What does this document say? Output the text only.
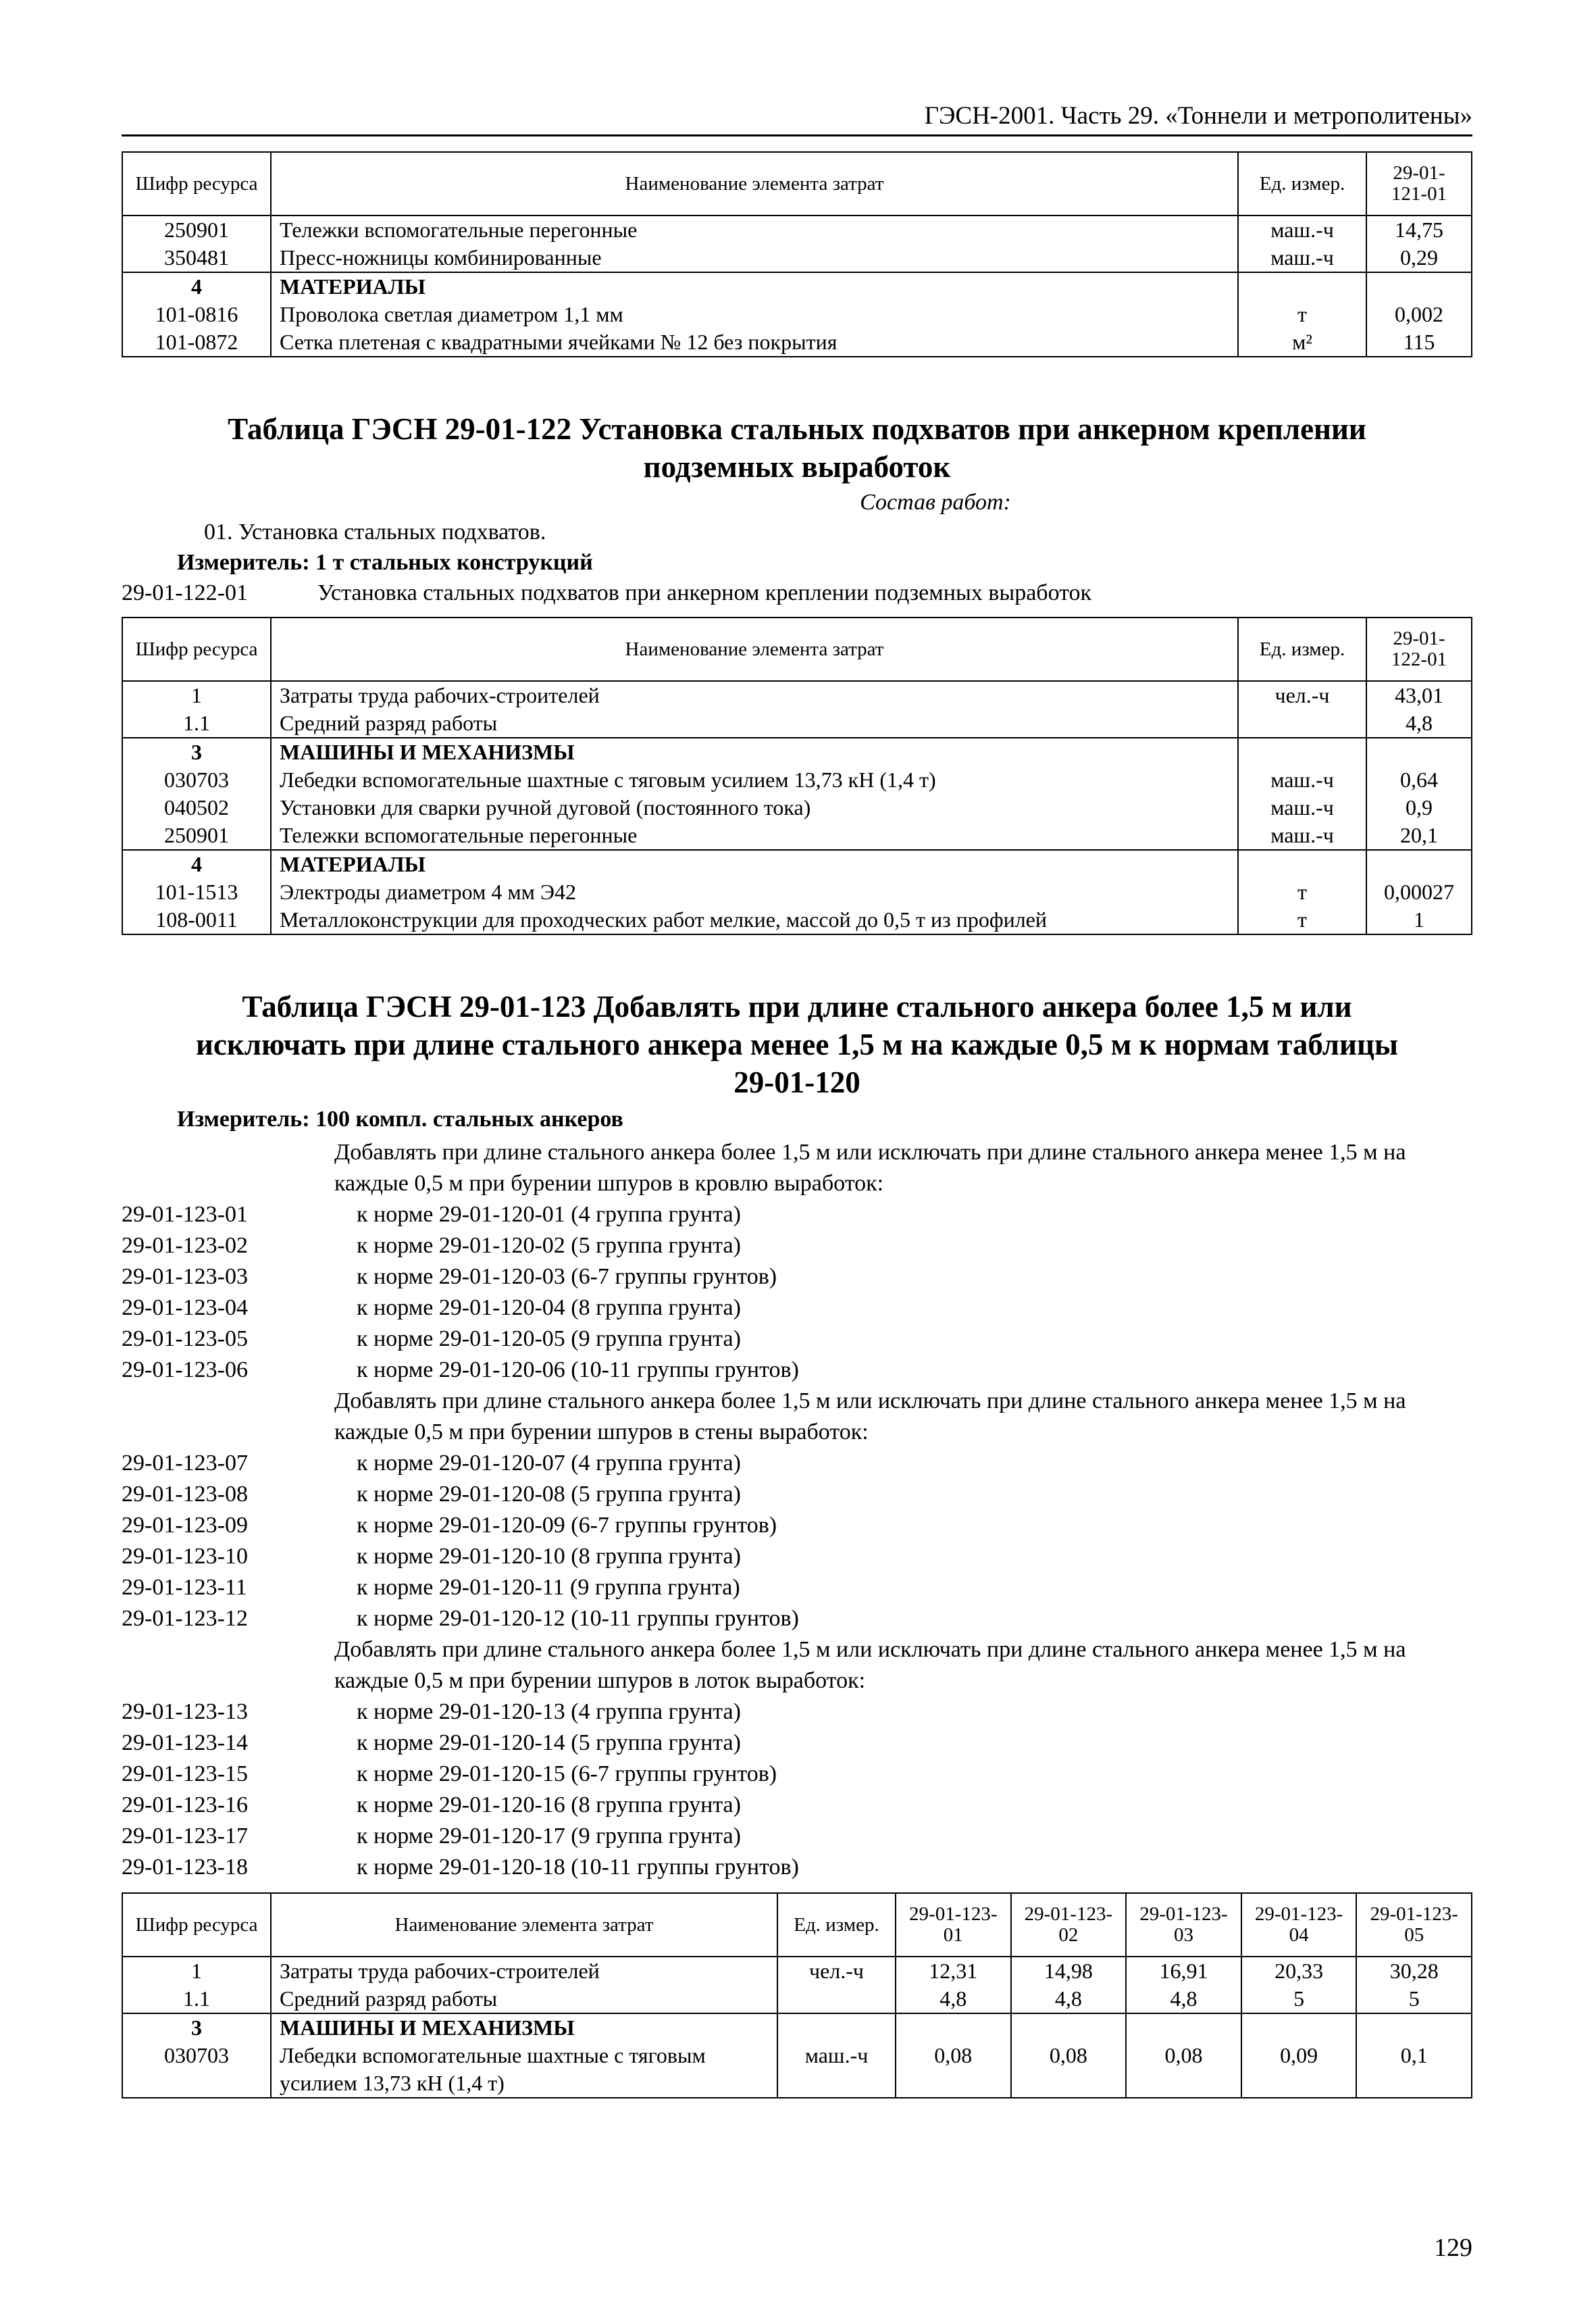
ГЭСН-2001. Часть 29. «Тоннели и метрополитены»
Шифр ресурса	Наименование элемента затрат	Ед. измер.	29-01-121-01
250901	Тележки вспомогательные перегонные	маш.-ч	14,75
350481	Пресс-ножницы комбинированные	маш.-ч	0,29
4	МАТЕРИАЛЫ		
101-0816	Проволока светлая диаметром 1,1 мм	т	0,002
101-0872	Сетка плетеная с квадратными ячейками № 12 без покрытия	м²	115
Таблица ГЭСН 29-01-122 Установка стальных подхватов при анкерном креплении подземных выработок
Состав работ:
01. Установка стальных подхватов.
Измеритель: 1 т стальных конструкций
29-01-122-01	Установка стальных подхватов при анкерном креплении подземных выработок
Шифр ресурса	Наименование элемента затрат	Ед. измер.	29-01-122-01
1	Затраты труда рабочих-строителей	чел.-ч	43,01
1.1	Средний разряд работы		4,8
3	МАШИНЫ И МЕХАНИЗМЫ		
030703	Лебедки вспомогательные шахтные с тяговым усилием 13,73 кН (1,4 т)	маш.-ч	0,64
040502	Установки для сварки ручной дуговой (постоянного тока)	маш.-ч	0,9
250901	Тележки вспомогательные перегонные	маш.-ч	20,1
4	МАТЕРИАЛЫ		
101-1513	Электроды диаметром 4 мм Э42	т	0,00027
108-0011	Металлоконструкции для проходческих работ мелкие, массой до 0,5 т из профилей	т	1
Таблица ГЭСН 29-01-123 Добавлять при длине стального анкера более 1,5 м или исключать при длине стального анкера менее 1,5 м на каждые 0,5 м к нормам таблицы 29-01-120
Измеритель: 100 компл. стальных анкеров
Добавлять при длине стального анкера более 1,5 м или исключать при длине стального анкера менее 1,5 м на каждые 0,5 м при бурении шпуров в кровлю выработок:
29-01-123-01	к норме 29-01-120-01 (4 группа грунта)
29-01-123-02	к норме 29-01-120-02 (5 группа грунта)
29-01-123-03	к норме 29-01-120-03 (6-7 группы грунтов)
29-01-123-04	к норме 29-01-120-04 (8 группа грунта)
29-01-123-05	к норме 29-01-120-05 (9 группа грунта)
29-01-123-06	к норме 29-01-120-06 (10-11 группы грунтов)
Добавлять при длине стального анкера более 1,5 м или исключать при длине стального анкера менее 1,5 м на каждые 0,5 м при бурении шпуров в стены выработок:
29-01-123-07	к норме 29-01-120-07 (4 группа грунта)
29-01-123-08	к норме 29-01-120-08 (5 группа грунта)
29-01-123-09	к норме 29-01-120-09 (6-7 группы грунтов)
29-01-123-10	к норме 29-01-120-10 (8 группа грунта)
29-01-123-11	к норме 29-01-120-11 (9 группа грунта)
29-01-123-12	к норме 29-01-120-12 (10-11 группы грунтов)
Добавлять при длине стального анкера более 1,5 м или исключать при длине стального анкера менее 1,5 м на каждые 0,5 м при бурении шпуров в лоток выработок:
29-01-123-13	к норме 29-01-120-13 (4 группа грунта)
29-01-123-14	к норме 29-01-120-14 (5 группа грунта)
29-01-123-15	к норме 29-01-120-15 (6-7 группы грунтов)
29-01-123-16	к норме 29-01-120-16 (8 группа грунта)
29-01-123-17	к норме 29-01-120-17 (9 группа грунта)
29-01-123-18	к норме 29-01-120-18 (10-11 группы грунтов)
Шифр ресурса	Наименование элемента затрат	Ед. измер.	29-01-123-01	29-01-123-02	29-01-123-03	29-01-123-04	29-01-123-05
1	Затраты труда рабочих-строителей	чел.-ч	12,31	14,98	16,91	20,33	30,28
1.1	Средний разряд работы		4,8	4,8	4,8	5	5
3	МАШИНЫ И МЕХАНИЗМЫ						
030703	Лебедки вспомогательные шахтные с тяговым усилием 13,73 кН (1,4 т)	маш.-ч	0,08	0,08	0,08	0,09	0,1
129
